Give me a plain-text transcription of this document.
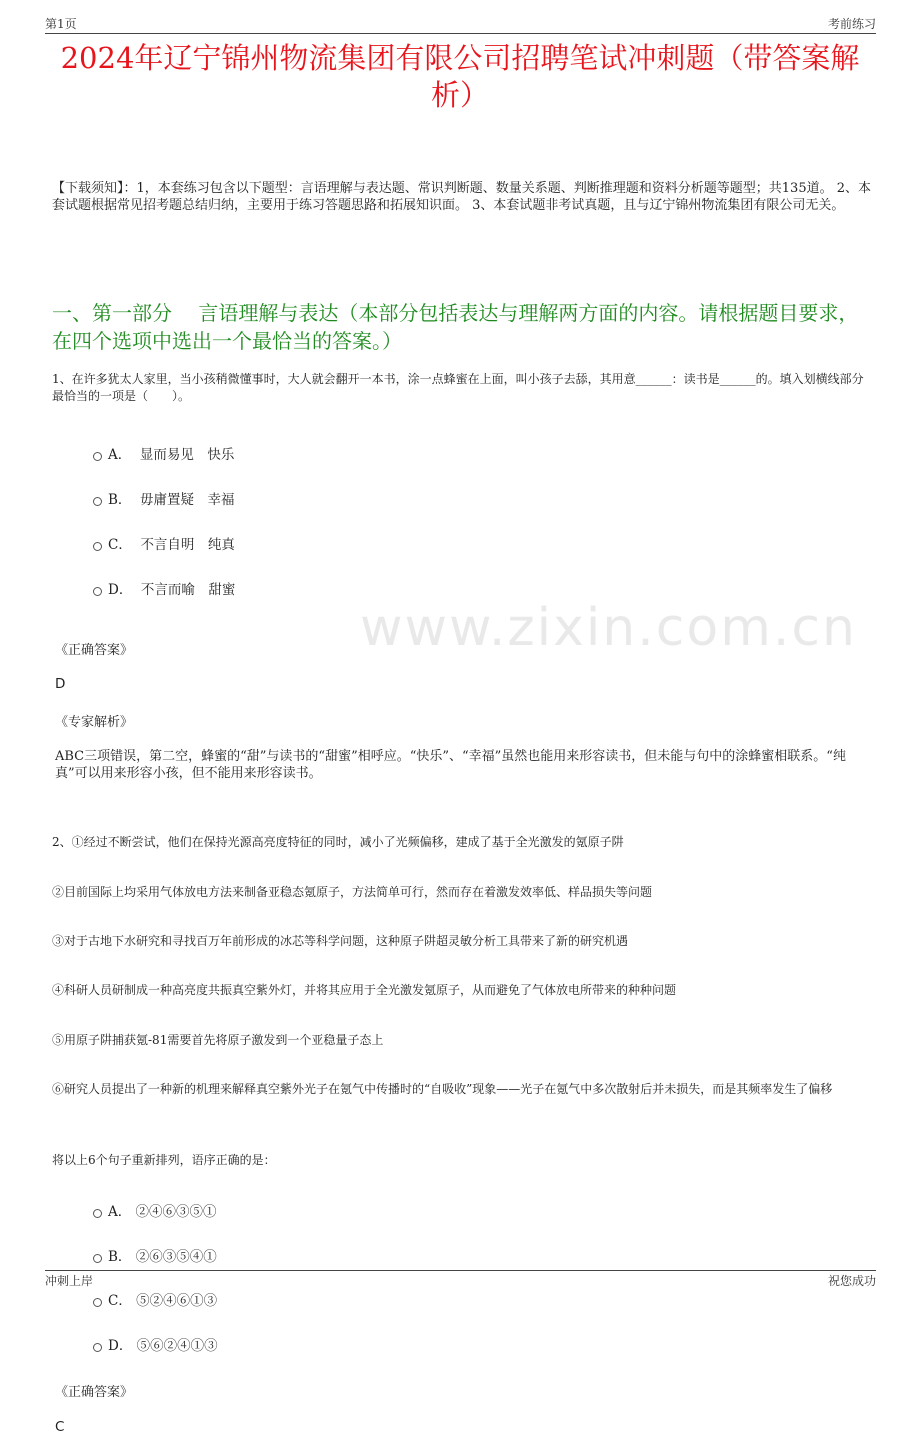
第1页	考前练习
2024年辽宁锦州物流集团有限公司招聘笔试冲刺题（带答案解析）
【下载须知】：1，本套练习包含以下题型：言语理解与表达题、常识判断题、数量关系题、判断推理题和资料分析题等题型；共135道。 2、本套试题根据常见招考题总结归纳，主要用于练习答题思路和拓展知识面。 3、本套试题非考试真题，且与辽宁锦州物流集团有限公司无关。
一、第一部分　 言语理解与表达（本部分包括表达与理解两方面的内容。请根据题目要求，在四个选项中选出一个最恰当的答案。）
www.zixin.com.cn
1、在许多犹太人家里，当小孩稍微懂事时，大人就会翻开一本书，涂一点蜂蜜在上面，叫小孩子去舔，其用意______：读书是______的。填入划横线部分最恰当的一项是（　　）。
A． 显而易见　快乐
B． 毋庸置疑　幸福
C． 不言自明　纯真
D． 不言而喻　甜蜜
《正确答案》
D
《专家解析》
ABC三项错误，第二空，蜂蜜的“甜”与读书的“甜蜜”相呼应。“快乐”、“幸福”虽然也能用来形容读书，但未能与句中的涂蜂蜜相联系。“纯真”可以用来形容小孩，但不能用来形容读书。
2、①经过不断尝试，他们在保持光源高亮度特征的同时，减小了光频偏移，建成了基于全光激发的氪原子阱
②目前国际上均采用气体放电方法来制备亚稳态氪原子，方法简单可行，然而存在着激发效率低、样品损失等问题
③对于古地下水研究和寻找百万年前形成的冰芯等科学问题，这种原子阱超灵敏分析工具带来了新的研究机遇
④科研人员研制成一种高亮度共振真空紫外灯，并将其应用于全光激发氪原子，从而避免了气体放电所带来的种种问题
⑤用原子阱捕获氪-81需要首先将原子激发到一个亚稳量子态上
⑥研究人员提出了一种新的机理来解释真空紫外光子在氪气中传播时的“自吸收”现象——光子在氪气中多次散射后并未损失，而是其频率发生了偏移
将以上6个句子重新排列，语序正确的是：
A． ②④⑥③⑤①
B． ②⑥③⑤④①
C． ⑤②④⑥①③
D． ⑤⑥②④①③
《正确答案》
C
冲刺上岸	祝您成功
